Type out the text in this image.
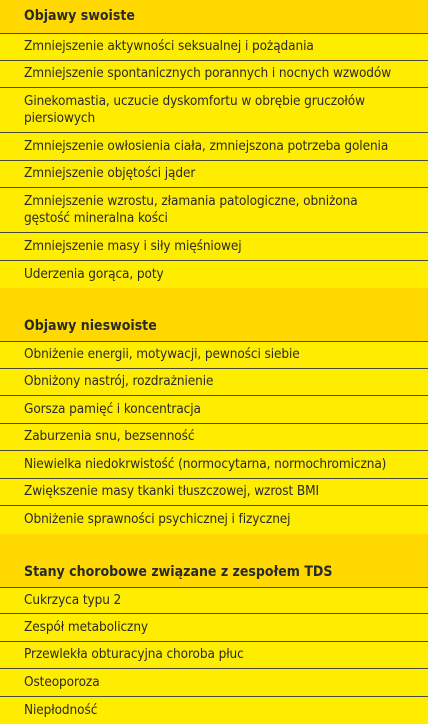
Objawy swoiste
Zmniejszenie aktywności seksualnej i pożądania
Zmniejszenie spontanicznych porannych i nocnych wzwodów
Ginekomastia, uczucie dyskomfortu w obrębie gruczołów piersiowych
Zmniejszenie owłosienia ciała, zmniejszona potrzeba golenia
Zmniejszenie objętości jąder
Zmniejszenie wzrostu, złamania patologiczne, obniżona gęstość mineralna kości
Zmniejszenie masy i siły mięśniowej
Uderzenia gorąca, poty
Objawy nieswoiste
Obniżenie energii, motywacji, pewności siebie
Obniżony nastrój, rozdrażnienie
Gorsza pamięć i koncentracja
Zaburzenia snu, bezsenność
Niewielka niedokrwistość (normocytarna, normochromiczna)
Zwiększenie masy tkanki tłuszczowej, wzrost BMI
Obniżenie sprawności psychicznej i fizycznej
Stany chorobowe związane z zespołem TDS
Cukrzyca typu 2
Zespół metaboliczny
Przewlekła obturacyjna choroba płuc
Osteoporoza
Niepłodność
